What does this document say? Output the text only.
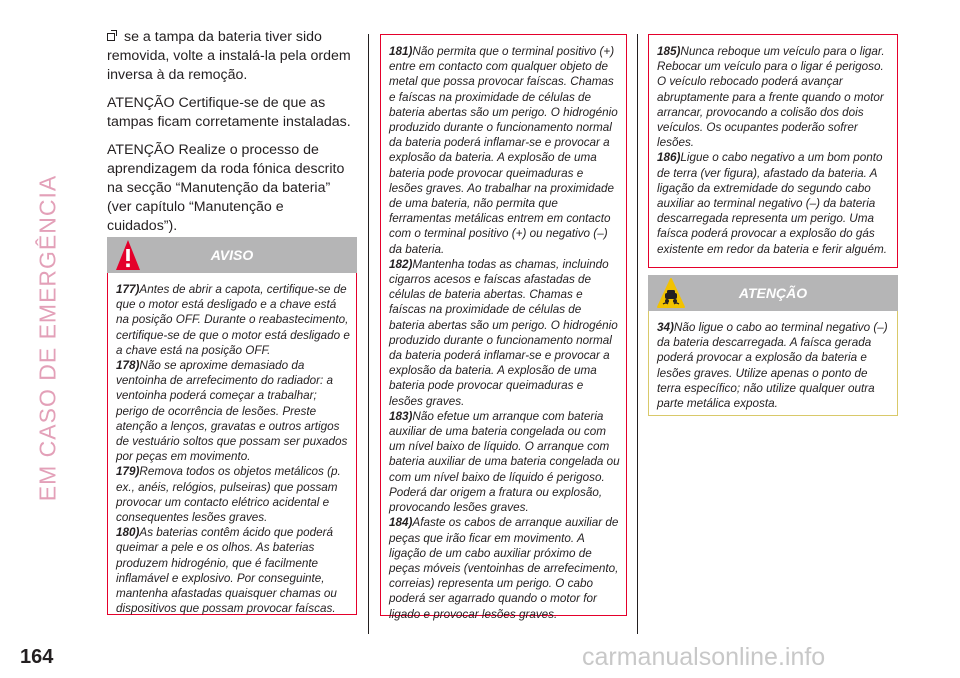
EM CASO DE EMERGÊNCIA
164

se a tampa da bateria tiver sido removida, volte a instalá-la pela ordem inversa à da remoção.

ATENÇÃO Certifique-se de que as tampas ficam corretamente instaladas.

ATENÇÃO Realize o processo de aprendizagem da roda fónica descrito na secção “Manutenção da bateria” (ver capítulo “Manutenção e cuidados”).

AVISO

177)Antes de abrir a capota, certifique-se de que o motor está desligado e a chave está na posição OFF. Durante o reabastecimento, certifique-se de que o motor está desligado e a chave está na posição OFF.

178)Não se aproxime demasiado da ventoinha de arrefecimento do radiador: a ventoinha poderá começar a trabalhar; perigo de ocorrência de lesões. Preste atenção a lenços, gravatas e outros artigos de vestuário soltos que possam ser puxados por peças em movimento.

179)Remova todos os objetos metálicos (p. ex., anéis, relógios, pulseiras) que possam provocar um contacto elétrico acidental e consequentes lesões graves.

180)As baterias contêm ácido que poderá queimar a pele e os olhos. As baterias produzem hidrogénio, que é facilmente inflamável e explosivo. Por conseguinte, mantenha afastadas quaisquer chamas ou dispositivos que possam provocar faíscas.

181)Não permita que o terminal positivo (+) entre em contacto com qualquer objeto de metal que possa provocar faíscas. Chamas e faíscas na proximidade de células de bateria abertas são um perigo. O hidrogénio produzido durante o funcionamento normal da bateria poderá inflamar-se e provocar a explosão da bateria. A explosão de uma bateria pode provocar queimaduras e lesões graves. Ao trabalhar na proximidade de uma bateria, não permita que ferramentas metálicas entrem em contacto com o terminal positivo (+) ou negativo (–) da bateria.

182)Mantenha todas as chamas, incluindo cigarros acesos e faíscas afastadas de células de bateria abertas. Chamas e faíscas na proximidade de células de bateria abertas são um perigo. O hidrogénio produzido durante o funcionamento normal da bateria poderá inflamar-se e provocar a explosão da bateria. A explosão de uma bateria pode provocar queimaduras e lesões graves.

183)Não efetue um arranque com bateria auxiliar de uma bateria congelada ou com um nível baixo de líquido. O arranque com bateria auxiliar de uma bateria congelada ou com um nível baixo de líquido é perigoso. Poderá dar origem a fratura ou explosão, provocando lesões graves.

184)Afaste os cabos de arranque auxiliar de peças que irão ficar em movimento. A ligação de um cabo auxiliar próximo de peças móveis (ventoinhas de arrefecimento, correias) representa um perigo. O cabo poderá ser agarrado quando o motor for ligado e provocar lesões graves.

185)Nunca reboque um veículo para o ligar. Rebocar um veículo para o ligar é perigoso. O veículo rebocado poderá avançar abruptamente para a frente quando o motor arrancar, provocando a colisão dos dois veículos. Os ocupantes poderão sofrer lesões.

186)Ligue o cabo negativo a um bom ponto de terra (ver figura), afastado da bateria. A ligação da extremidade do segundo cabo auxiliar ao terminal negativo (–) da bateria descarregada representa um perigo. Uma faísca poderá provocar a explosão do gás existente em redor da bateria e ferir alguém.

ATENÇÃO

34)Não ligue o cabo ao terminal negativo (–) da bateria descarregada. A faísca gerada poderá provocar a explosão da bateria e lesões graves. Utilize apenas o ponto de terra específico; não utilize qualquer outra parte metálica exposta.

carmanualsonline.info
